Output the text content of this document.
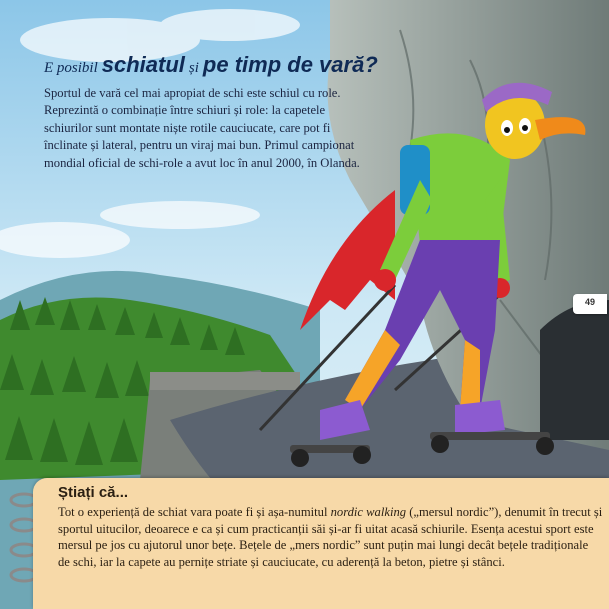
E posibil schiatul și pe timp de vară?
Sportul de vară cel mai apropiat de schi este schiul cu role. Reprezintă o combinație între schiuri și role: la capetele schiurilor sunt montate niște rotile cauciucate, care pot fi înclinate și lateral, pentru un viraj mai bun. Primul campionat mondial oficial de schi-role a avut loc în anul 2000, în Olanda.
49
Știați că...
Tot o experiență de schiat vara poate fi și așa-numitul nordic walking („mersul nordic”), denumit în trecut și sportul uitucilor, deoarece e ca și cum practicanții săi și-ar fi uitat acasă schiurile. Esența acestui sport este mersul pe jos cu ajutorul unor bețe. Bețele de „mers nordic” sunt puțin mai lungi decât bețele tradiționale de schi, iar la capete au pernițe striate și cauciucate, cu aderență la beton, pietre și stânci.
